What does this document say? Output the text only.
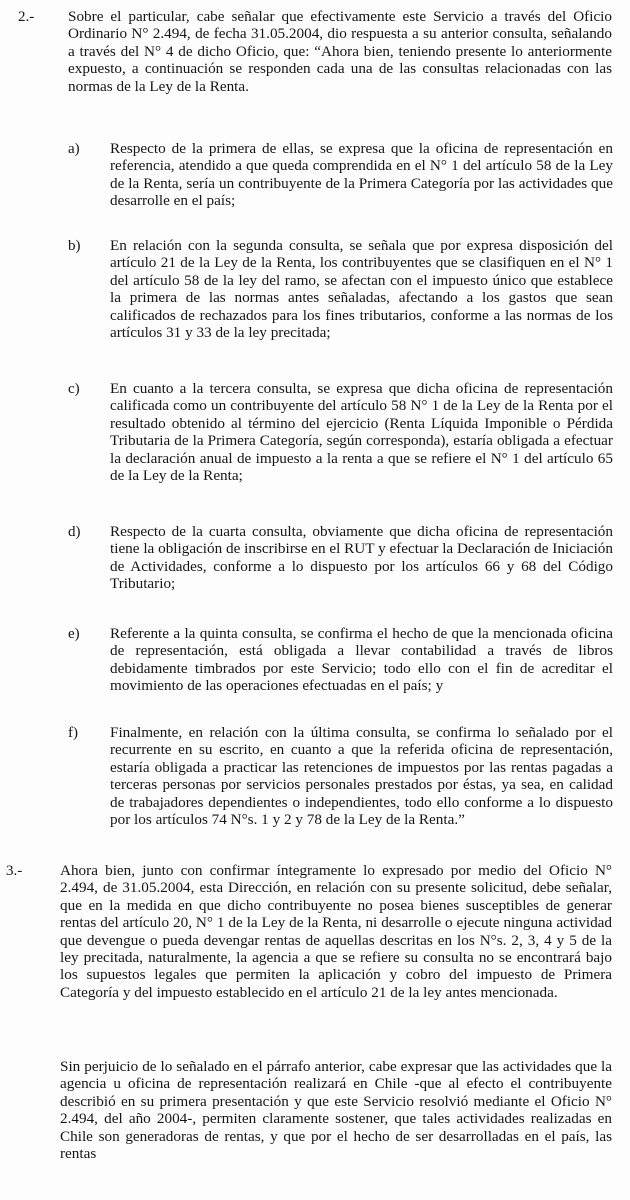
2.- Sobre el particular, cabe señalar que efectivamente este Servicio a través del Oficio Ordinario N° 2.494, de fecha 31.05.2004, dio respuesta a su anterior consulta, señalando a través del N° 4 de dicho Oficio, que: “Ahora bien, teniendo presente lo anteriormente expuesto, a continuación se responden cada una de las consultas relacionadas con las normas de la Ley de la Renta.

a) Respecto de la primera de ellas, se expresa que la oficina de representación en referencia, atendido a que queda comprendida en el N° 1 del artículo 58 de la Ley de la Renta, sería un contribuyente de la Primera Categoría por las actividades que desarrolle en el país;

b) En relación con la segunda consulta, se señala que por expresa disposición del artículo 21 de la Ley de la Renta, los contribuyentes que se clasifiquen en el N° 1 del artículo 58 de la ley del ramo, se afectan con el impuesto único que establece la primera de las normas antes señaladas, afectando a los gastos que sean calificados de rechazados para los fines tributarios, conforme a las normas de los artículos 31 y 33 de la ley precitada;

c) En cuanto a la tercera consulta, se expresa que dicha oficina de representación calificada como un contribuyente del artículo 58 N° 1 de la Ley de la Renta por el resultado obtenido al término del ejercicio (Renta Líquida Imponible o Pérdida Tributaria de la Primera Categoría, según corresponda), estaría obligada a efectuar la declaración anual de impuesto a la renta a que se refiere el N° 1 del artículo 65 de la Ley de la Renta;

d) Respecto de la cuarta consulta, obviamente que dicha oficina de representación tiene la obligación de inscribirse en el RUT y efectuar la Declaración de Iniciación de Actividades, conforme a lo dispuesto por los artículos 66 y 68 del Código Tributario;

e) Referente a la quinta consulta, se confirma el hecho de que la mencionada oficina de representación, está obligada a llevar contabilidad a través de libros debidamente timbrados por este Servicio; todo ello con el fin de acreditar el movimiento de las operaciones efectuadas en el país; y

f) Finalmente, en relación con la última consulta, se confirma lo señalado por el recurrente en su escrito, en cuanto a que la referida oficina de representación, estaría obligada a practicar las retenciones de impuestos por las rentas pagadas a terceras personas por servicios personales prestados por éstas, ya sea, en calidad de trabajadores dependientes o independientes, todo ello conforme a lo dispuesto por los artículos 74 N°s. 1 y 2 y 78 de la Ley de la Renta.”

3.- Ahora bien, junto con confirmar íntegramente lo expresado por medio del Oficio N° 2.494, de 31.05.2004, esta Dirección, en relación con su presente solicitud, debe señalar, que en la medida en que dicho contribuyente no posea bienes susceptibles de generar rentas del artículo 20, N° 1 de la Ley de la Renta, ni desarrolle o ejecute ninguna actividad que devengue o pueda devengar rentas de aquellas descritas en los N°s. 2, 3, 4 y 5 de la ley precitada, naturalmente, la agencia a que se refiere su consulta no se encontrará bajo los supuestos legales que permiten la aplicación y cobro del impuesto de Primera Categoría y del impuesto establecido en el artículo 21 de la ley antes mencionada.

Sin perjuicio de lo señalado en el párrafo anterior, cabe expresar que las actividades que la agencia u oficina de representación realizará en Chile -que al efecto el contribuyente describió en su primera presentación y que este Servicio resolvió mediante el Oficio N° 2.494, del año 2004-, permiten claramente sostener, que tales actividades realizadas en Chile son generadoras de rentas, y que por el hecho de ser desarrolladas en el país, las rentas
